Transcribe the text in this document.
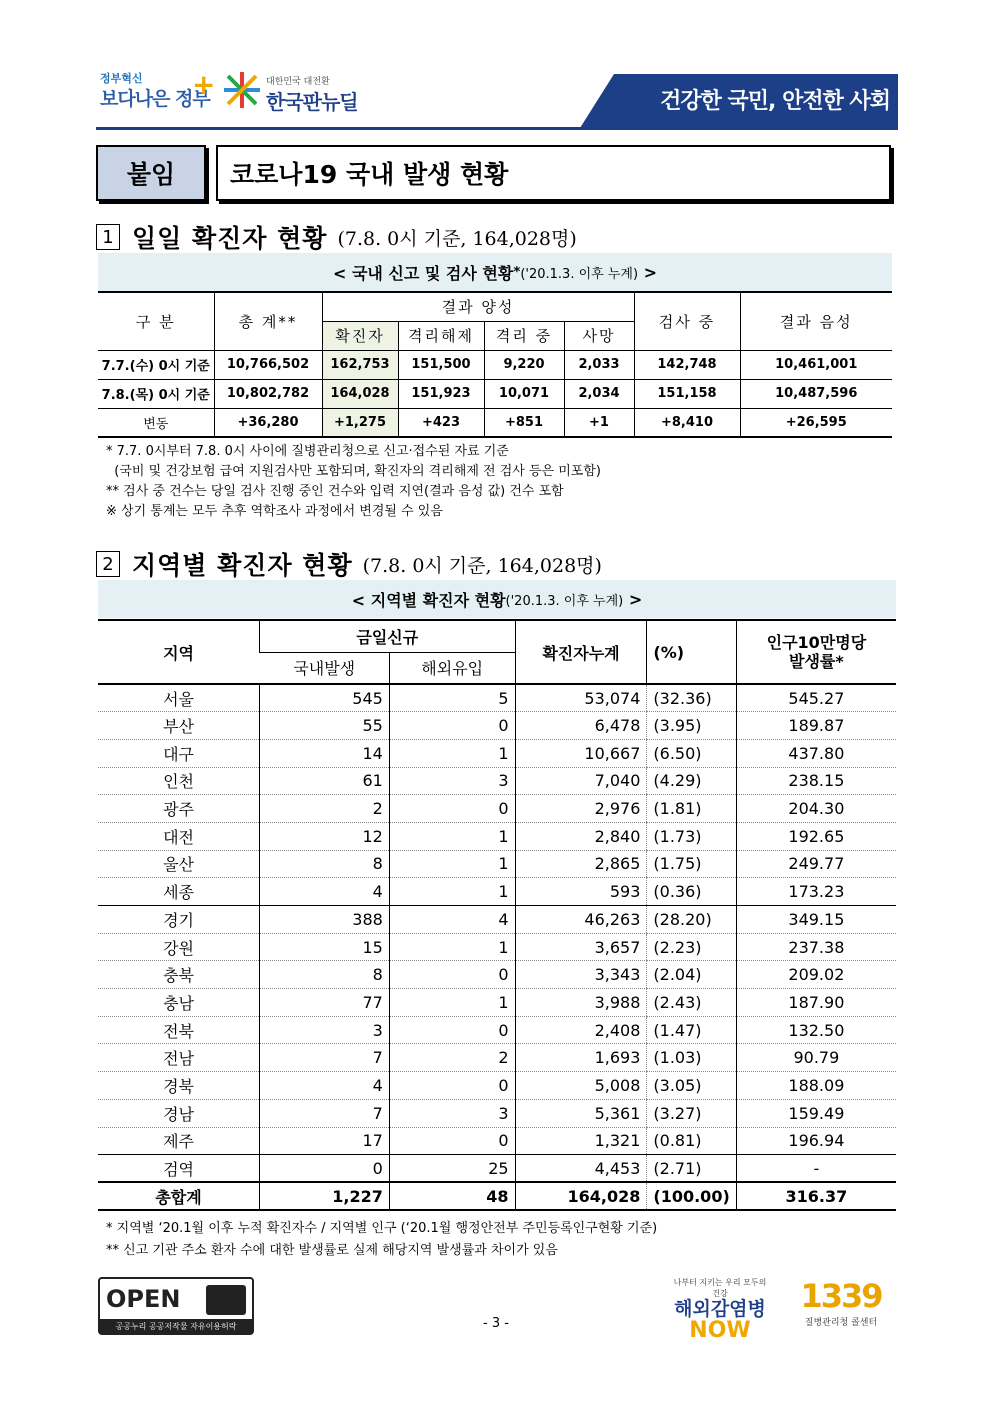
정부혁신
보다나은 정부
+	대한민국 대전환
한국판뉴딜	건강한 국민, 안전한 사회
붙임	코로나19 국내 발생 현황
1 일일 확진자 현황 (7.8. 0시 기준, 164,028명)
< 국내 신고 및 검사 현황 * ('20.1.3. 이후 누계)
>
구 분	총 계**	결과 양성				검사 중	결과 음성
		확진자	격리해제	격리 중	사망		
7.7.(수) 0시 기준	10,766,502	162,753	151,500	9,220	2,033	142,748	10,461,001
7.8.(목) 0시 기준	10,802,782	164,028	151,923	10,071	2,034	151,158	10,487,596
변동	+36,280	+1,275	+423	+851	+1	+8,410	+26,595
* 7.7. 0시부터 7.8. 0시 사이에 질병관리청으로 신고·접수된 자료 기준
(국비 및 건강보험 급여 지원검사만 포함되며, 확진자의 격리해제 전 검사 등은 미포함)
** 검사 중 건수는 당일 검사 진행 중인 건수와 입력 지연(결과 음성 값) 건수 포함
※ 상기 통계는 모두 추후 역학조사 과정에서 변경될 수 있음
2 지역별 확진자 현황 (7.8. 0시 기준, 164,028명)
< 지역별 확진자 현황 ('20.1.3. 이후 누계)
>
지역	금일신규		확진자누계	(%)	인구10만명당
발생률*

	국내발생	해외유입			
서울	545	5	53,074	(32.36)	545.27
부산	55	0	6,478	(3.95)	189.87
대구	14	1	10,667	(6.50)	437.80
인천	61	3	7,040	(4.29)	238.15
광주	2	0	2,976	(1.81)	204.30
대전	12	1	2,840	(1.73)	192.65
울산	8	1	2,865	(1.75)	249.77
세종	4	1	593	(0.36)	173.23
경기	388	4	46,263	(28.20)	349.15
강원	15	1	3,657	(2.23)	237.38
충북	8	0	3,343	(2.04)	209.02
충남	77	1	3,988	(2.43)	187.90
전북	3	0	2,408	(1.47)	132.50
전남	7	2	1,693	(1.03)	90.79
경북	4	0	5,008	(3.05)	188.09
경남	7	3	5,361	(3.27)	159.49
제주	17	0	1,321	(0.81)	196.94
검역	0	25	4,453	(2.71)	-
총합계	1,227	48	164,028	(100.00)	316.37
* 지역별 ‘20.1월 이후 누적 확진자수 / 지역별 인구 (‘20.1월 행정안전부 주민등록인구현황 기준)
** 신고 기관 주소 환자 수에 대한 발생률로 실제 해당지역 발생률과 차이가 있음
OPEN
공공누리 공공저작물 자유이용허락	- 3 -
나부터 지키는 우리 모두의 건강
해외감염병
NOW
1339
질병관리청 콜센터
